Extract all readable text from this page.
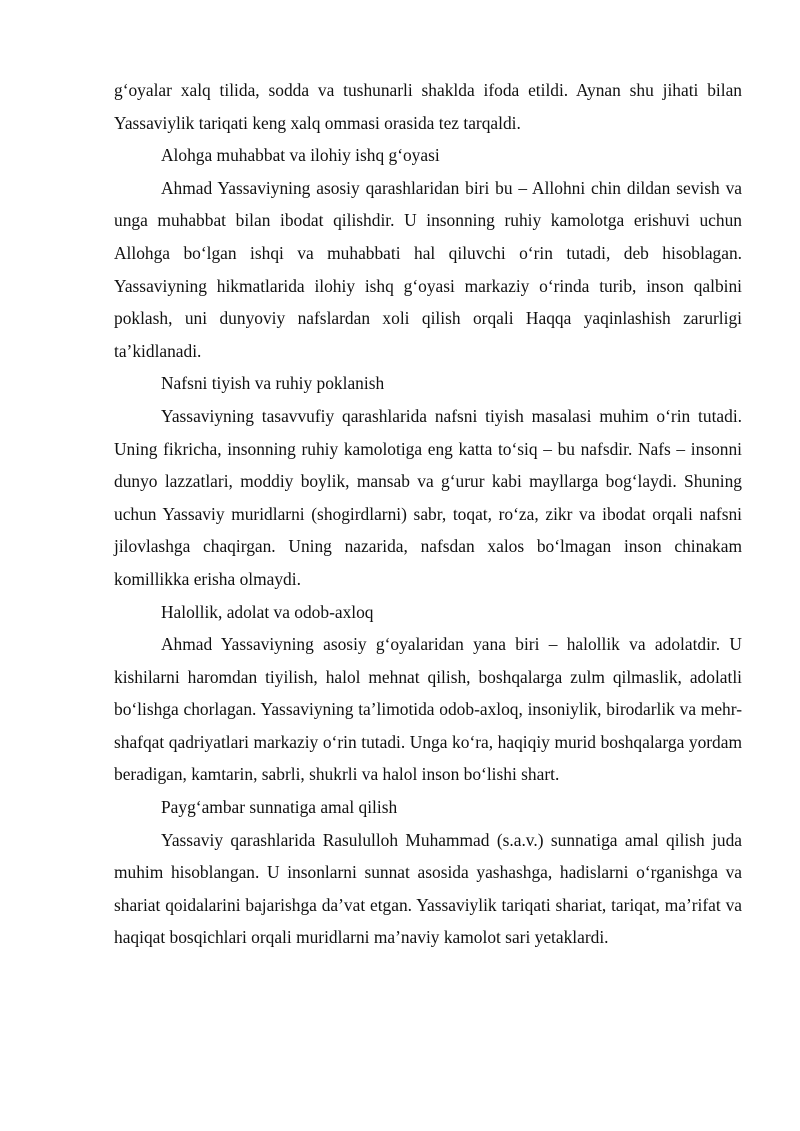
g‘oyalar xalq tilida, sodda va tushunarli shaklda ifoda etildi. Aynan shu jihati bilan Yassaviylik tariqati keng xalq ommasi orasida tez tarqaldi.

Alohga muhabbat va ilohiy ishq g‘oyasi

Ahmad Yassaviyning asosiy qarashlaridan biri bu – Allohni chin dildan sevish va unga muhabbat bilan ibodat qilishdir. U insonning ruhiy kamolotga erishuvi uchun Allohga bo‘lgan ishqi va muhabbati hal qiluvchi o‘rin tutadi, deb hisoblagan. Yassaviyning hikmatlarida ilohiy ishq g‘oyasi markaziy o‘rinda turib, inson qalbini poklash, uni dunyoviy nafslardan xoli qilish orqali Haqqa yaqinlashish zarurligi ta’kidlanadi.

Nafsni tiyish va ruhiy poklanish

Yassaviyning tasavvufiy qarashlarida nafsni tiyish masalasi muhim o‘rin tutadi. Uning fikricha, insonning ruhiy kamolotiga eng katta to‘siq – bu nafsdir. Nafs – insonni dunyo lazzatlari, moddiy boylik, mansab va g‘urur kabi mayllarga bog‘laydi. Shuning uchun Yassaviy muridlarni (shogirdlarni) sabr, toqat, ro‘za, zikr va ibodat orqali nafsni jilovlashga chaqirgan. Uning nazarida, nafsdan xalos bo‘lmagan inson chinakam komillikka erisha olmaydi.

Halollik, adolat va odob-axloq

Ahmad Yassaviyning asosiy g‘oyalaridan yana biri – halollik va adolatdir. U kishilarni haromdan tiyilish, halol mehnat qilish, boshqalarga zulm qilmaslik, adolatli bo‘lishga chorlagan. Yassaviyning ta’limotida odob-axloq, insoniylik, birodarlik va mehr-shafqat qadriyatlari markaziy o‘rin tutadi. Unga ko‘ra, haqiqiy murid boshqalarga yordam beradigan, kamtarin, sabrli, shukrli va halol inson bo‘lishi shart.

Payg‘ambar sunnatiga amal qilish

Yassaviy qarashlarida Rasululloh Muhammad (s.a.v.) sunnatiga amal qilish juda muhim hisoblangan. U insonlarni sunnat asosida yashashga, hadislarni o‘rganishga va shariat qoidalarini bajarishga da’vat etgan. Yassaviylik tariqati shariat, tariqat, ma’rifat va haqiqat bosqichlari orqali muridlarni ma’naviy kamolot sari yetaklardi.
